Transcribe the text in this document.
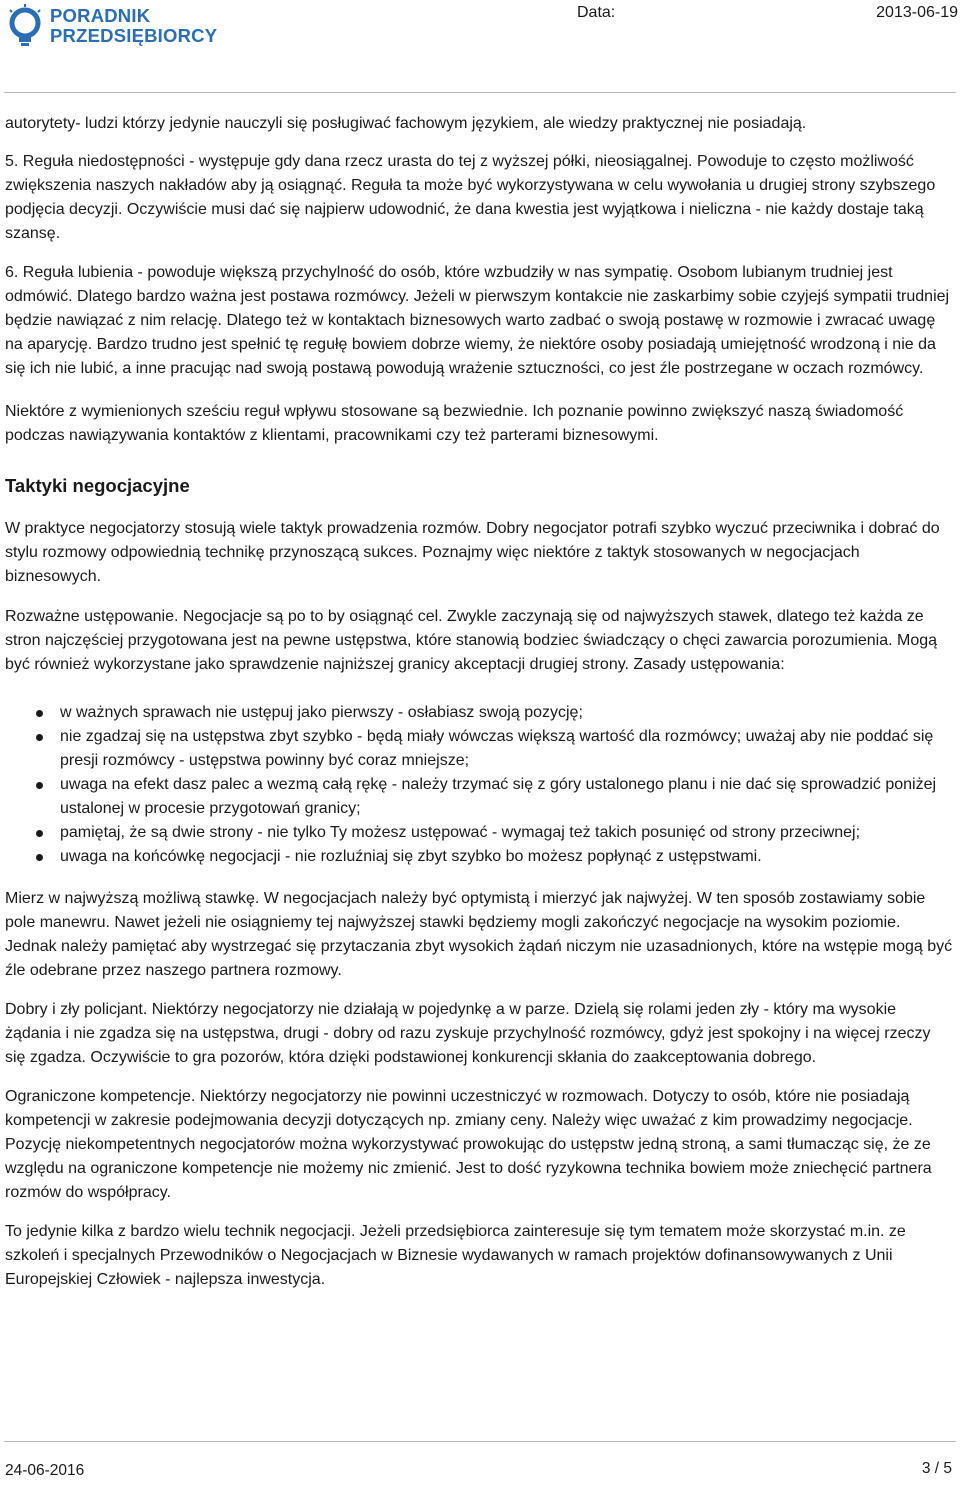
PORADNIK
PRZEDSIĘBIORCY
Data:	2013-06-19

autorytety- ludzi którzy jedynie nauczyli się posługiwać fachowym językiem, ale wiedzy praktycznej nie posiadają.

5. Reguła niedostępności - występuje gdy dana rzecz urasta do tej z wyższej półki, nieosiągalnej. Powoduje to często możliwość zwiększenia naszych nakładów aby ją osiągnąć. Reguła ta może być wykorzystywana w celu wywołania u drugiej strony szybszego podjęcia decyzji. Oczywiście musi dać się najpierw udowodnić, że dana kwestia jest wyjątkowa i nieliczna - nie każdy dostaje taką szansę.

6. Reguła lubienia - powoduje większą przychylność do osób, które wzbudziły w nas sympatię. Osobom lubianym trudniej jest odmówić. Dlatego bardzo ważna jest postawa rozmówcy. Jeżeli w pierwszym kontakcie nie zaskarbimy sobie czyjejś sympatii trudniej będzie nawiązać z nim relację. Dlatego też w kontaktach biznesowych warto zadbać o swoją postawę w rozmowie i zwracać uwagę na aparycję. Bardzo trudno jest spełnić tę regułę bowiem dobrze wiemy, że niektóre osoby posiadają umiejętność wrodzoną i nie da się ich nie lubić, a inne pracując nad swoją postawą powodują wrażenie sztuczności, co jest źle postrzegane w oczach rozmówcy.

Niektóre z wymienionych sześciu reguł wpływu stosowane są bezwiednie. Ich poznanie powinno zwiększyć naszą świadomość podczas nawiązywania kontaktów z klientami, pracownikami czy też parterami biznesowymi.

Taktyki negocjacyjne

W praktyce negocjatorzy stosują wiele taktyk prowadzenia rozmów. Dobry negocjator potrafi szybko wyczuć przeciwnika i dobrać do stylu rozmowy odpowiednią technikę przynoszącą sukces. Poznajmy więc niektóre z taktyk stosowanych w negocjacjach biznesowych.

Rozważne ustępowanie. Negocjacje są po to by osiągnąć cel. Zwykle zaczynają się od najwyższych stawek, dlatego też każda ze stron najczęściej przygotowana jest na pewne ustępstwa, które stanowią bodziec świadczący o chęci zawarcia porozumienia. Mogą być również wykorzystane jako sprawdzenie najniższej granicy akceptacji drugiej strony. Zasady ustępowania:

w ważnych sprawach nie ustępuj jako pierwszy - osłabiasz swoją pozycję;
nie zgadzaj się na ustępstwa zbyt szybko - będą miały wówczas większą wartość dla rozmówcy; uważaj aby nie poddać się presji rozmówcy - ustępstwa powinny być coraz mniejsze;
uwaga na efekt dasz palec a wezmą całą rękę - należy trzymać się z góry ustalonego planu i nie dać się sprowadzić poniżej ustalonej w procesie przygotowań granicy;
pamiętaj, że są dwie strony - nie tylko Ty możesz ustępować - wymagaj też takich posunięć od strony przeciwnej;
uwaga na końcówkę negocjacji - nie rozluźniaj się zbyt szybko bo możesz popłynąć z ustępstwami.

Mierz w najwyższą możliwą stawkę. W negocjacjach należy być optymistą i mierzyć jak najwyżej. W ten sposób zostawiamy sobie pole manewru. Nawet jeżeli nie osiągniemy tej najwyższej stawki będziemy mogli zakończyć negocjacje na wysokim poziomie. Jednak należy pamiętać aby wystrzegać się przytaczania zbyt wysokich żądań niczym nie uzasadnionych, które na wstępie mogą być źle odebrane przez naszego partnera rozmowy.

Dobry i zły policjant. Niektórzy negocjatorzy nie działają w pojedynkę a w parze. Dzielą się rolami jeden zły - który ma wysokie żądania i nie zgadza się na ustępstwa, drugi - dobry od razu zyskuje przychylność rozmówcy, gdyż jest spokojny i na więcej rzeczy się zgadza. Oczywiście to gra pozorów, która dzięki podstawionej konkurencji skłania do zaakceptowania dobrego.

Ograniczone kompetencje. Niektórzy negocjatorzy nie powinni uczestniczyć w rozmowach. Dotyczy to osób, które nie posiadają kompetencji w zakresie podejmowania decyzji dotyczących np. zmiany ceny. Należy więc uważać z kim prowadzimy negocjacje. Pozycję niekompetentnych negocjatorów można wykorzystywać prowokując do ustępstw jedną stroną, a sami tłumacząc się, że ze względu na ograniczone kompetencje nie możemy nic zmienić. Jest to dość ryzykowna technika bowiem może zniechęcić partnera rozmów do współpracy.

To jedynie kilka z bardzo wielu technik negocjacji. Jeżeli przedsiębiorca zainteresuje się tym tematem może skorzystać m.in. ze szkoleń i specjalnych Przewodników o Negocjacjach w Biznesie wydawanych w ramach projektów dofinansowywanych z Unii Europejskiej Człowiek - najlepsza inwestycja.

24-06-2016	3 / 5
